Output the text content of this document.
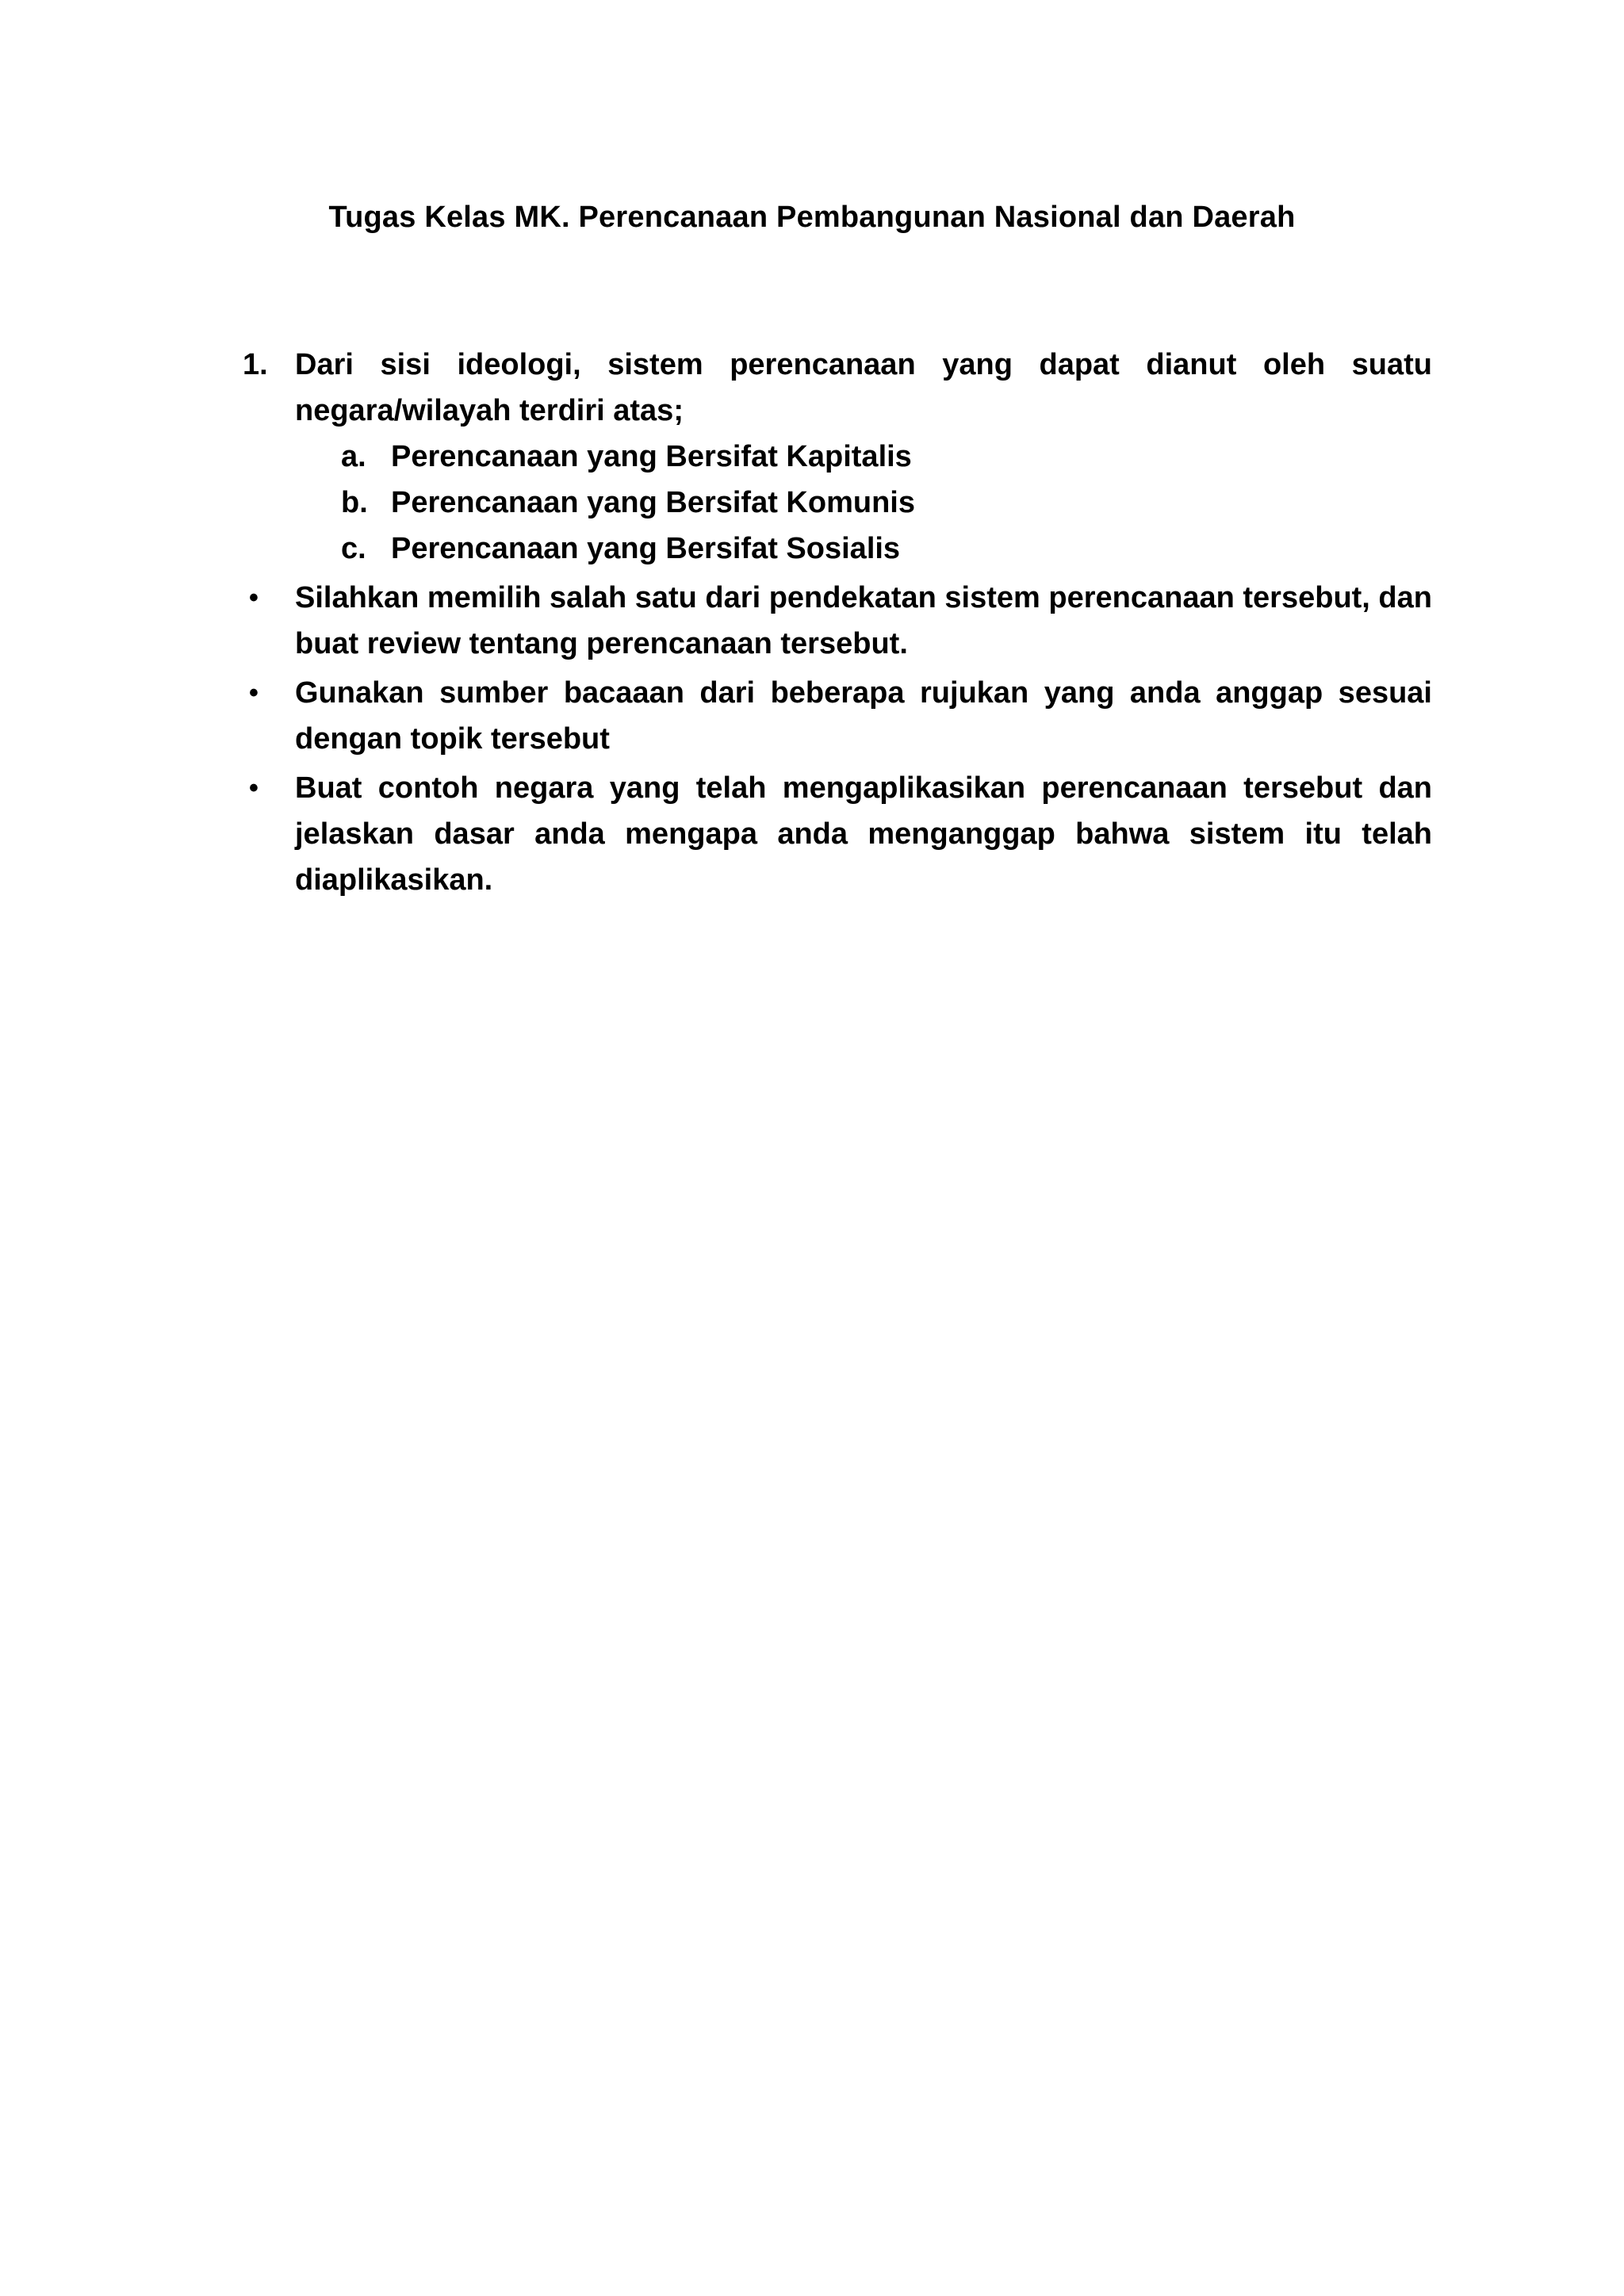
Tugas Kelas MK. Perencanaan Pembangunan Nasional dan Daerah
1. Dari sisi ideologi, sistem perencanaan yang dapat dianut oleh suatu negara/wilayah terdiri atas;
a. Perencanaan yang Bersifat Kapitalis
b. Perencanaan yang Bersifat Komunis
c. Perencanaan yang Bersifat Sosialis
• Silahkan memilih salah satu dari pendekatan sistem perencanaan tersebut, dan buat review tentang perencanaan tersebut.
• Gunakan sumber bacaaan dari beberapa rujukan yang anda anggap sesuai dengan topik tersebut
• Buat contoh negara yang telah mengaplikasikan perencanaan tersebut dan jelaskan dasar anda mengapa anda menganggap bahwa sistem itu telah diaplikasikan.
